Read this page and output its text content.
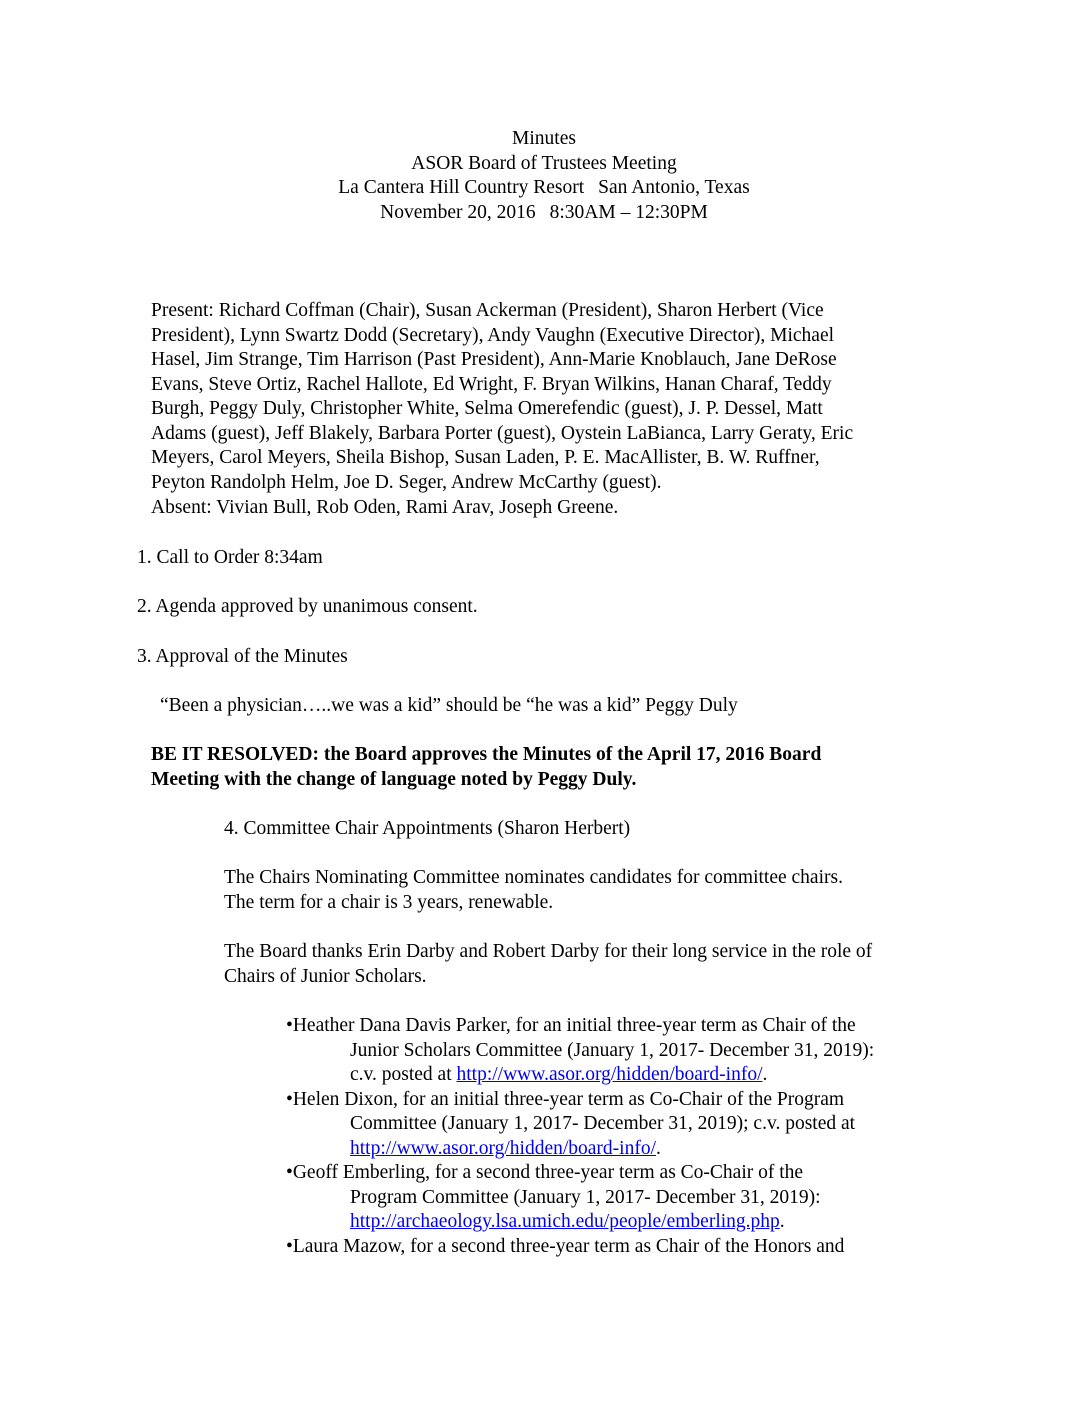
Minutes
ASOR Board of Trustees Meeting
La Cantera Hill Country Resort San Antonio, Texas
November 20, 2016 8:30AM – 12:30PM
Present: Richard Coffman (Chair), Susan Ackerman (President), Sharon Herbert (Vice
President), Lynn Swartz Dodd (Secretary), Andy Vaughn (Executive Director), Michael
Hasel, Jim Strange, Tim Harrison (Past President), Ann-Marie Knoblauch, Jane DeRose
Evans, Steve Ortiz, Rachel Hallote, Ed Wright, F. Bryan Wilkins, Hanan Charaf, Teddy
Burgh, Peggy Duly, Christopher White, Selma Omerefendic (guest), J. P. Dessel, Matt
Adams (guest), Jeff Blakely, Barbara Porter (guest), Oystein LaBianca, Larry Geraty, Eric
Meyers, Carol Meyers, Sheila Bishop, Susan Laden, P. E. MacAllister, B. W. Ruffner,
Peyton Randolph Helm, Joe D. Seger, Andrew McCarthy (guest).

Absent: Vivian Bull, Rob Oden, Rami Arav, Joseph Greene.

1. Call to Order 8:34am

2. Agenda approved by unanimous consent.

3. Approval of the Minutes

“Been a physician…..we was a kid” should be “he was a kid” Peggy Duly

BE IT RESOLVED: the Board approves the Minutes of the April 17, 2016 Board
Meeting with the change of language noted by Peggy Duly.

4. Committee Chair Appointments (Sharon Herbert)

The Chairs Nominating Committee nominates candidates for committee chairs.
The term for a chair is 3 years, renewable.
The Board thanks Erin Darby and Robert Darby for their long service in the role of
Chairs of Junior Scholars.
•Heather Dana Davis Parker, for an initial three-year term as Chair of the
Junior Scholars Committee (January 1, 2017- December 31, 2019):
c.v. posted at http://www.asor.org/hidden/board-info/.
•Helen Dixon, for an initial three-year term as Co-Chair of the Program
Committee (January 1, 2017- December 31, 2019); c.v. posted at
http://www.asor.org/hidden/board-info/.
•Geoff Emberling, for a second three-year term as Co-Chair of the
Program Committee (January 1, 2017- December 31, 2019):
http://archaeology.lsa.umich.edu/people/emberling.php.
•Laura Mazow, for a second three-year term as Chair of the Honors and
